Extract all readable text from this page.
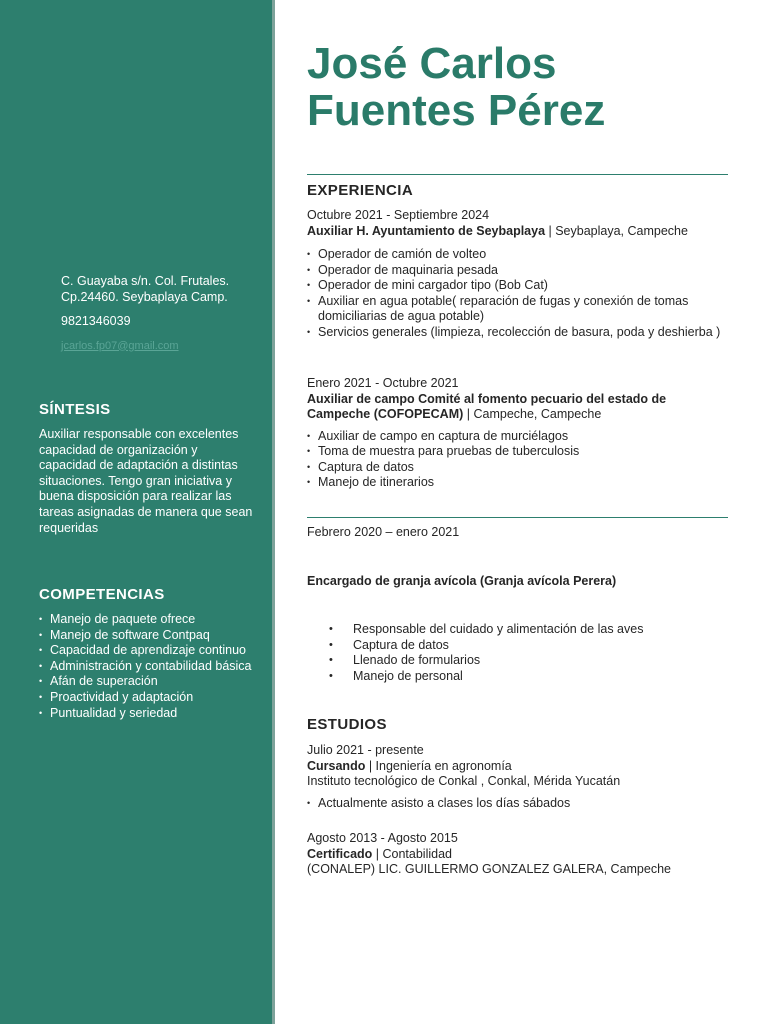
C. Guayaba s/n. Col. Frutales.
Cp.24460. Seybaplaya Camp.

9821346039

jcarlos.fp07@gmail.com

SÍNTESIS

Auxiliar responsable con excelentes capacidad de organización y capacidad de adaptación a distintas situaciones. Tengo gran iniciativa y buena disposición para realizar las tareas asignadas de manera que sean requeridas

COMPETENCIAS

• Manejo de paquete ofrece
• Manejo de software Contpaq
• Capacidad de aprendizaje continuo
• Administración y contabilidad básica
• Afán de superación
• Proactividad y adaptación
• Puntualidad y seriedad
José Carlos
Fuentes Pérez
EXPERIENCIA

Octubre 2021 - Septiembre 2024

Auxiliar H. Ayuntamiento de Seybaplaya | Seybaplaya, Campeche

• Operador de camión de volteo
• Operador de maquinaria pesada
• Operador de mini cargador tipo (Bob Cat)
• Auxiliar en agua potable( reparación de fugas y conexión de tomas domiciliarias de agua potable)
• Servicios generales (limpieza, recolección de basura, poda y deshierba )

Enero 2021 - Octubre 2021

Auxiliar de campo Comité al fomento pecuario del estado de Campeche (COFOPECAM) | Campeche, Campeche

• Auxiliar de campo en captura de murciélagos
• Toma de muestra para pruebas de tuberculosis
• Captura de datos
• Manejo de itinerarios

Febrero 2020 – enero 2021

Encargado de granja avícola (Granja avícola Perera)

• Responsable del cuidado y alimentación de las aves
• Captura de datos
• Llenado de formularios
• Manejo de personal
ESTUDIOS

Julio 2021 - presente

Cursando | Ingeniería en agronomía

Instituto tecnológico de Conkal , Conkal, Mérida Yucatán

• Actualmente asisto a clases los días sábados

Agosto 2013 - Agosto 2015

Certificado | Contabilidad

(CONALEP) LIC. GUILLERMO GONZALEZ GALERA, Campeche
